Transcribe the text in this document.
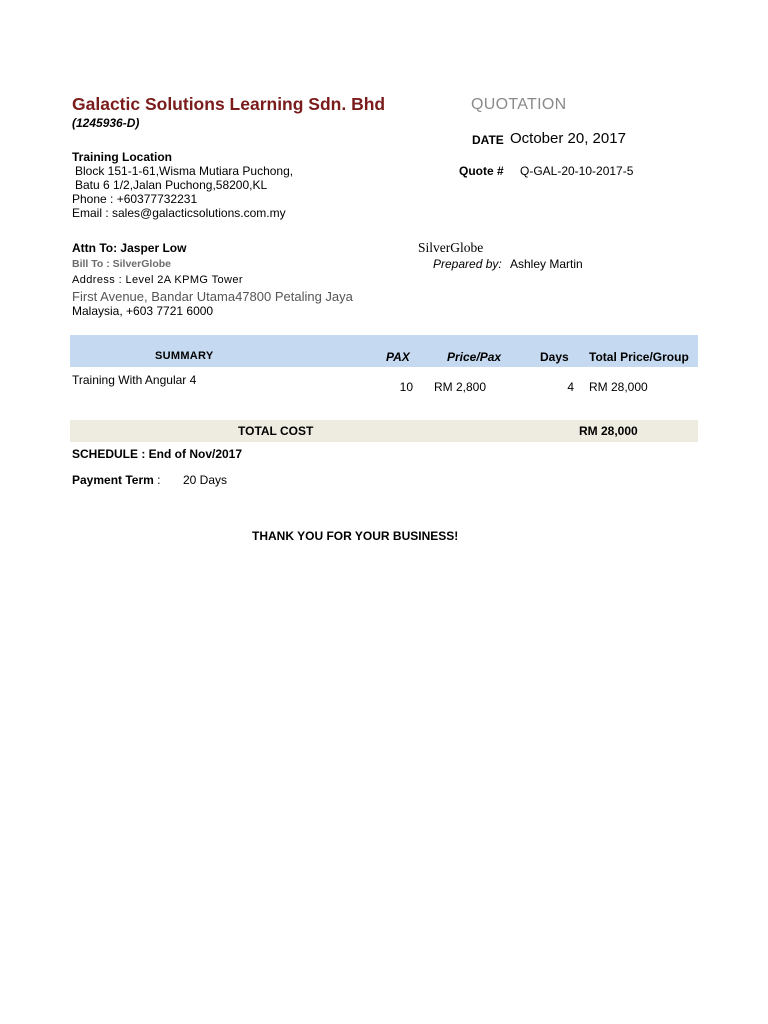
Galactic Solutions Learning Sdn. Bhd
(1245936-D)
QUOTATION
DATE October 20, 2017
Training Location
Block 151-1-61,Wisma Mutiara Puchong,
Batu 6 1/2,Jalan Puchong,58200,KL
Phone : +60377732231
Email : sales@galacticsolutions.com.my
Quote # Q-GAL-20-10-2017-5
Attn To: Jasper Low	SilverGlobe
Bill To : SilverGlobe	Prepared by: Ashley Martin
Address : Level 2A KPMG Tower
First Avenue, Bandar Utama47800 Petaling Jaya
Malaysia, +603 7721 6000
SUMMARY	PAX	Price/Pax	Days Total Price/Group
Training With Angular 4	10 RM 2,800	4 RM 28,000
TOTAL COST	RM 28,000
SCHEDULE : End of Nov/2017
Payment Term : 20 Days
THANK YOU FOR YOUR BUSINESS!
